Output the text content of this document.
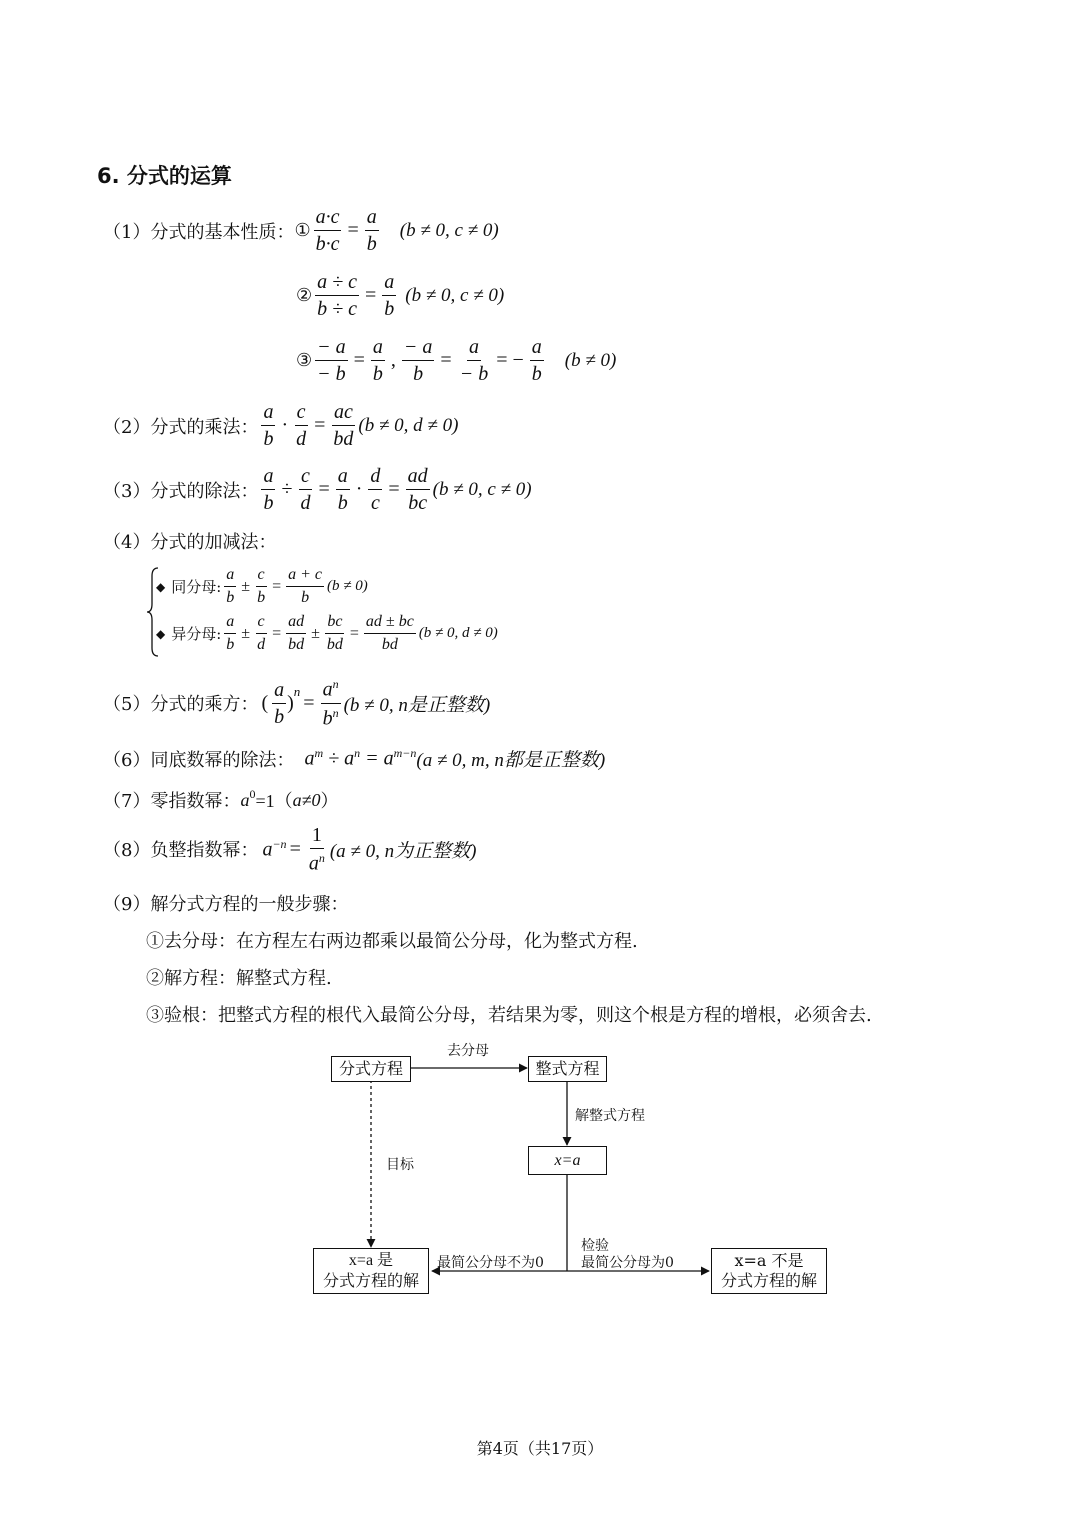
6. 分式的运算
（1）分式的基本性质： ① $\frac{a\cdot c}{b\cdot c} = \frac{a}{b} (b \ne 0$, c ≠ 0)
② $\frac{a \div c}{b \div c} = \frac{a}{b} (b \ne 0$, c ≠ 0)
③ $\frac{- a}{- b} = \frac{a}{b}$ , $\frac{- a}{b} = \frac{a}{- b}$ = − $\frac{a}{b} (b \ne 0)$
（2）分式的乘法： $\frac{a}{b} \cdot \frac{c}{d} = \frac{ac}{bd} (b \ne 0$, d ≠ 0)
（3）分式的除法： $\frac{a}{b} \div \frac{c}{d} = \frac{a}{b} \cdot \frac{d}{c} = \frac{ad}{bc} (b \ne 0$, c ≠ 0)
（4）分式的加减法：
◆ 同分母: $\frac{a}{b} \pm \frac{c}{b} = \frac{a + c}{b} (b \ne 0)$
◆ 异分母: $\frac{a}{b} \pm \frac{c}{d} = \frac{ad}{bd} \pm \frac{bc}{bd} = \frac{ad \pm bc}{bd} (b \ne 0$, d ≠ 0)
（5）分式的乘方： ( $\frac{a}{b}$ )
n
= $\frac{a^n}{b^n} (b \ne 0$, n是正整数)
（6）同底数幂的除法： $a^m \div a^n = a^{m-n}$ (a ≠ 0, m, n都是正整数)
（7）零指数幂： $a^0 =1$（ a≠0 ）
（8）负整指数幂： $a^{-n} = \frac{1}{a^n} (a \ne 0$, n为正整数)
（9）解分式方程的一般步骤：
①去分母：在方程左右两边都乘以最简公分母，化为整式方程.
②解方程：解整式方程.
③验根：把整式方程的根代入最简公分母，若结果为零，则这个根是方程的增根，必须舍去.
分式方程	整式方程
x=a
x=a 是
分式方程的解
x=a 不是
分式方程的解
去分母
解整式方程
目标
检验
最简公分母不为0	最简公分母为0
第4页（共17页）
